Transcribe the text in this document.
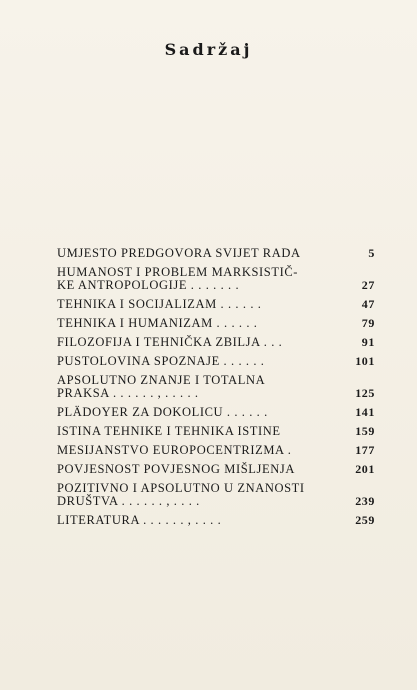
Sadržaj
UMJESTO PREDGOVORA SVIJET RADA	5
HUMANOST I PROBLEM MARKSISTIČ-
KE ANTROPOLOGIJE . . . . . . .	27
TEHNIKA I SOCIJALIZAM . . . . . .	47
TEHNIKA I HUMANIZAM . . . . . .	79
FILOZOFIJA I TEHNIČKA ZBILJA . . .	91
PUSTOLOVINA SPOZNAJE . . . . . .	101
APSOLUTNO ZNANJE I TOTALNA
PRAKSA . . . . . . , . . . . .	125
PLÄDOYER ZA DOKOLICU . . . . . .	141
ISTINA TEHNIKE I TEHNIKA ISTINE	159
MESIJANSTVO EUROPOCENTRIZMA .	177
POVJESNOST POVJESNOG MIŠLJENJA	201
POZITIVNO I APSOLUTNO U ZNANOSTI
DRUŠTVA . . . . . . , . . . .	239
LITERATURA . . . . . . , . . . .	259
